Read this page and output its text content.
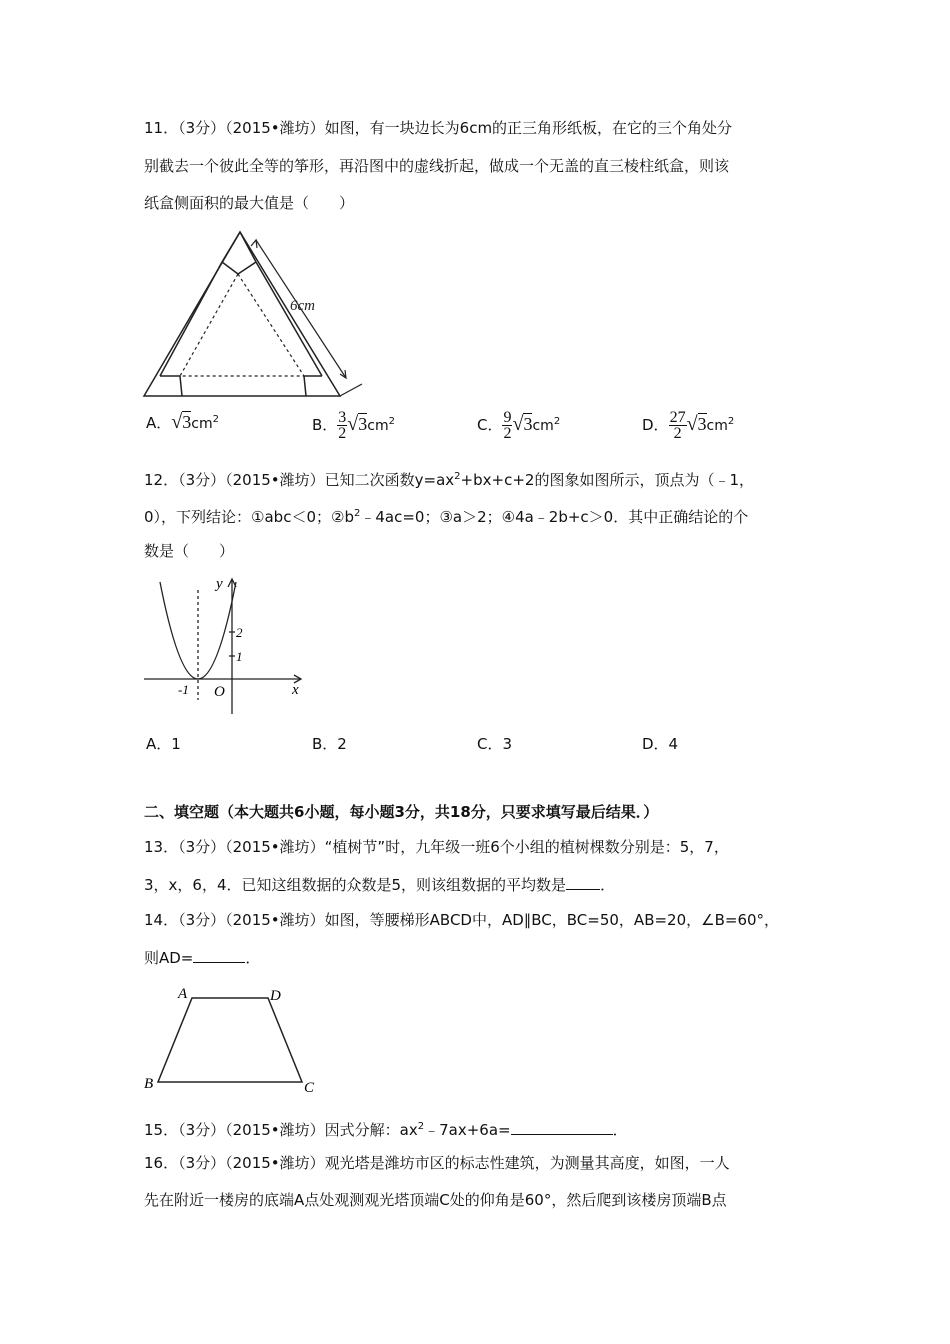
11．（3分）（2015•潍坊）如图，有一块边长为6cm的正三角形纸板，在它的三个角处分
别截去一个彼此全等的筝形，再沿图中的虚线折起，做成一个无盖的直三棱柱纸盒，则该
纸盒侧面积的最大值是（　　）
6cm
A．$√3cm^2$	B． $\frac{3}{2} √3cm^2$	C． $\frac{9}{2} √3cm^2$	D． $\frac{27}{2} √3cm^2$
12．（3分）（2015•潍坊）已知二次函数$y=ax^2+bx+c+2$的图象如图所示，顶点为（﹣1，
0），下列结论：①abc＜0；$②b^2﹣4ac=0$；③a＞2；④4a﹣2b+c＞0．其中正确结论的个
数是（　　）
y
x
O
-1
1
2
A．1	B．2	C．3	D．4
二、填空题（本大题共6小题，每小题3分，共18分，只要求填写最后结果．）
13．（3分）（2015•潍坊）“植树节”时，九年级一班6个小组的植树棵数分别是：5，7，
3，x，6，4．已知这组数据的众数是5，则该组数据的平均数是 ．
14．（3分）（2015•潍坊）如图，等腰梯形ABCD中，AD∥BC，BC=50，AB=20，∠B=60°，
则AD=	．
A	D
B	C
15．（3分）（2015•潍坊）因式分解：$ax^2﹣7ax+6a=$	．
16．（3分）（2015•潍坊）观光塔是潍坊市区的标志性建筑，为测量其高度，如图，一人
先在附近一楼房的底端A点处观测观光塔顶端C处的仰角是60°，然后爬到该楼房顶端B点
